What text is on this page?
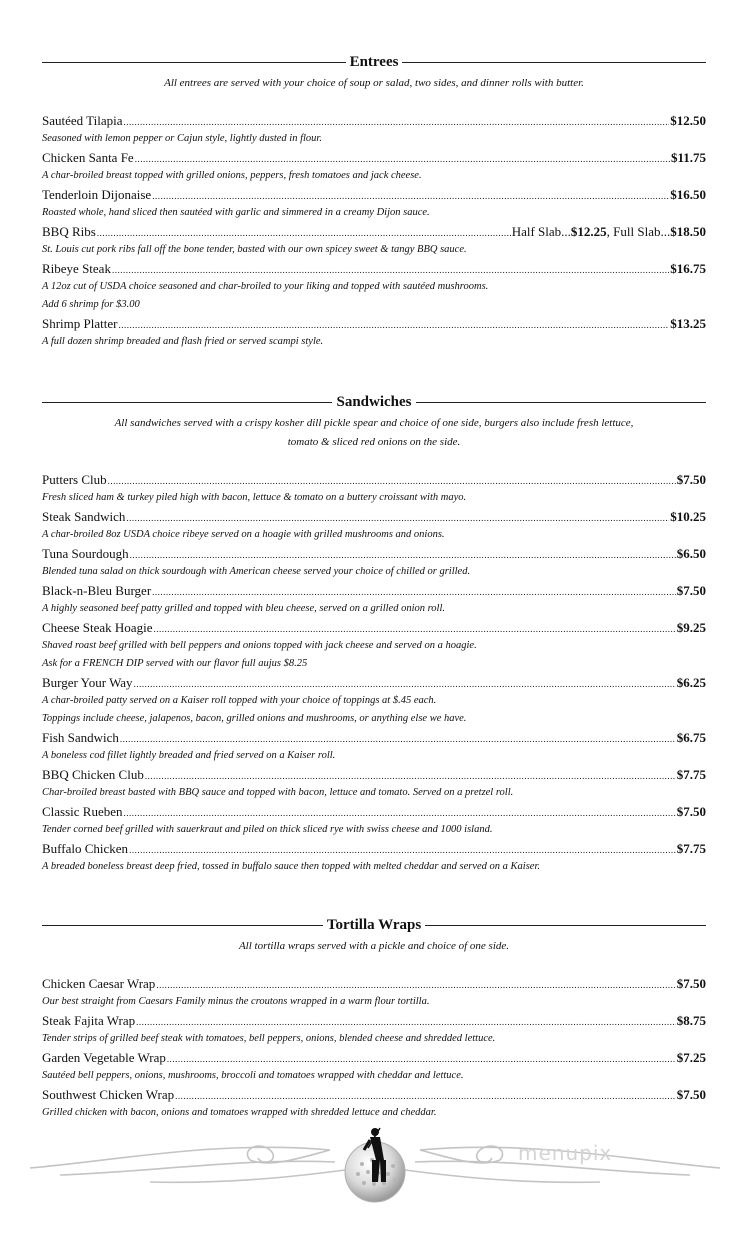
Entrees
All entrees are served with your choice of soup or salad, two sides, and dinner rolls with butter.
Sautéed Tilapia .....	$12.50
Seasoned with lemon pepper or Cajun style, lightly dusted in flour.
Chicken Santa Fe .....	$11.75
A char-broiled breast topped with grilled onions, peppers, fresh tomatoes and jack cheese.
Tenderloin Dijonaise .....	$16.50
Roasted whole, hand sliced then sautéed with garlic and simmered in a creamy Dijon sauce.
BBQ Ribs .....	Half Slab...$12.25, Full Slab...$18.50
St. Louis cut pork ribs fall off the bone tender, basted with our own spicey sweet & tangy BBQ sauce.
Ribeye Steak .....	$16.75
A 12oz cut of USDA choice seasoned and char-broiled to your liking and topped with sautéed mushrooms.
Add 6 shrimp for $3.00
Shrimp Platter .....	$13.25
A full dozen shrimp breaded and flash fried or served scampi style.
Sandwiches
All sandwiches served with a crispy kosher dill pickle spear and choice of one side, burgers also include fresh lettuce,
tomato & sliced red onions on the side.
Putters Club .....	$7.50
Fresh sliced ham & turkey piled high with bacon, lettuce & tomato on a buttery croissant with mayo.
Steak Sandwich .....	$10.25
A char-broiled 8oz USDA choice ribeye served on a hoagie with grilled mushrooms and onions.
Tuna Sourdough .....	$6.50
Blended tuna salad on thick sourdough with American cheese served your choice of chilled or grilled.
Black-n-Bleu Burger .....	$7.50
A highly seasoned beef patty grilled and topped with bleu cheese, served on a grilled onion roll.
Cheese Steak Hoagie .....	$9.25
Shaved roast beef grilled with bell peppers and onions topped with jack cheese and served on a hoagie.
Ask for a FRENCH DIP served with our flavor full aujus $8.25
Burger Your Way .....	$6.25
A char-broiled patty served on a Kaiser roll topped with your choice of toppings at $.45 each.
Toppings include cheese, jalapenos, bacon, grilled onions and mushrooms, or anything else we have.
Fish Sandwich .....	$6.75
A boneless cod fillet lightly breaded and fried served on a Kaiser roll.
BBQ Chicken Club .....	$7.75
Char-broiled breast basted with BBQ sauce and topped with bacon, lettuce and tomato. Served on a pretzel roll.
Classic Rueben .....	$7.50
Tender corned beef grilled with sauerkraut and piled on thick sliced rye with swiss cheese and 1000 island.
Buffalo Chicken .....	$7.75
A breaded boneless breast deep fried, tossed in buffalo sauce then topped with melted cheddar and served on a Kaiser.
Tortilla Wraps
All tortilla wraps served with a pickle and choice of one side.
Chicken Caesar Wrap .....	$7.50
Our best straight from Caesars Family minus the croutons wrapped in a warm flour tortilla.
Steak Fajita Wrap .....	$8.75
Tender strips of grilled beef steak with tomatoes, bell peppers, onions, blended cheese and shredded lettuce.
Garden Vegetable Wrap .....	$7.25
Sautéed bell peppers, onions, mushrooms, broccoli and tomatoes wrapped with cheddar and lettuce.
Southwest Chicken Wrap .....	$7.50
Grilled chicken with bacon, onions and tomatoes wrapped with shredded lettuce and cheddar.
menupix
